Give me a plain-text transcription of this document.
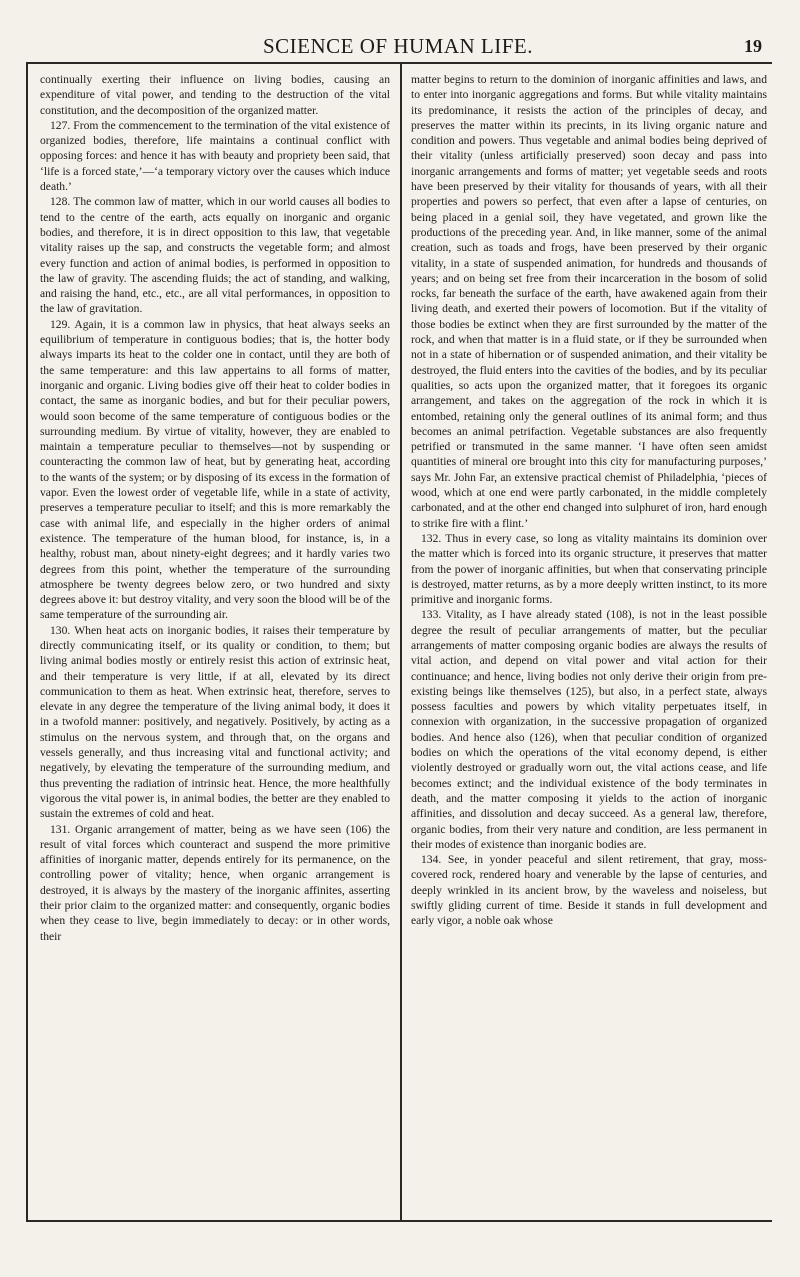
SCIENCE OF HUMAN LIFE.	19

continually exerting their influence on living bodies, causing an expenditure of vital power, and tending to the destruction of the vital constitution, and the decomposition of the organized matter.

127. From the commencement to the termination of the vital existence of organized bodies, therefore, life maintains a continual conflict with opposing forces: and hence it has with beauty and propriety been said, that ‘life is a forced state,’—‘a temporary victory over the causes which induce death.’

128. The common law of matter, which in our world causes all bodies to tend to the centre of the earth, acts equally on inorganic and organic bodies, and therefore, it is in direct opposition to this law, that vegetable vitality raises up the sap, and constructs the vegetable form; and almost every function and action of animal bodies, is performed in opposition to the law of gravity. The ascending fluids; the act of standing, and walking, and raising the hand, etc., etc., are all vital performances, in opposition to the law of gravitation.

129. Again, it is a common law in physics, that heat always seeks an equilibrium of temperature in contiguous bodies; that is, the hotter body always imparts its heat to the colder one in contact, until they are both of the same temperature: and this law appertains to all forms of matter, inorganic and organic. Living bodies give off their heat to colder bodies in contact, the same as inorganic bodies, and but for their peculiar powers, would soon become of the same temperature of contiguous bodies or the surrounding medium. By virtue of vitality, however, they are enabled to maintain a temperature peculiar to themselves—not by suspending or counteracting the common law of heat, but by generating heat, according to the wants of the system; or by disposing of its excess in the formation of vapor. Even the lowest order of vegetable life, while in a state of activity, preserves a temperature peculiar to itself; and this is more remarkably the case with animal life, and especially in the higher orders of animal existence. The temperature of the human blood, for instance, is, in a healthy, robust man, about ninety-eight degrees; and it hardly varies two degrees from this point, whether the temperature of the surrounding atmosphere be twenty degrees below zero, or two hundred and sixty degrees above it: but destroy vitality, and very soon the blood will be of the same temperature of the surrounding air.

130. When heat acts on inorganic bodies, it raises their temperature by directly communicating itself, or its quality or condition, to them; but living animal bodies mostly or entirely resist this action of extrinsic heat, and their temperature is very little, if at all, elevated by its direct communication to them as heat. When extrinsic heat, therefore, serves to elevate in any degree the temperature of the living animal body, it does it in a twofold manner: positively, and negatively. Positively, by acting as a stimulus on the nervous system, and through that, on the organs and vessels generally, and thus increasing vital and functional activity; and negatively, by elevating the temperature of the surrounding medium, and thus preventing the radiation of intrinsic heat. Hence, the more healthfully vigorous the vital power is, in animal bodies, the better are they enabled to sustain the extremes of cold and heat.

131. Organic arrangement of matter, being as we have seen (106) the result of vital forces which counteract and suspend the more primitive affinities of inorganic matter, depends entirely for its permanence, on the controlling power of vitality; hence, when organic arrangement is destroyed, it is always by the mastery of the inorganic affinites, asserting their prior claim to the organized matter: and consequently, organic bodies when they cease to live, begin immediately to decay: or in other words, their

matter begins to return to the dominion of inorganic affinities and laws, and to enter into inorganic aggregations and forms. But while vitality maintains its predominance, it resists the action of the principles of decay, and preserves the matter within its precints, in its living organic nature and condition and powers. Thus vegetable and animal bodies being deprived of their vitality (unless artificially preserved) soon decay and pass into inorganic arrangements and forms of matter; yet vegetable seeds and roots have been preserved by their vitality for thousands of years, with all their properties and powers so perfect, that even after a lapse of centuries, on being placed in a genial soil, they have vegetated, and grown like the productions of the preceding year. And, in like manner, some of the animal creation, such as toads and frogs, have been preserved by their organic vitality, in a state of suspended animation, for hundreds and thousands of years; and on being set free from their incarceration in the bosom of solid rocks, far beneath the surface of the earth, have awakened again from their living death, and exerted their powers of locomotion. But if the vitality of those bodies be extinct when they are first surrounded by the matter of the rock, and when that matter is in a fluid state, or if they be surrounded when not in a state of hibernation or of suspended animation, and their vitality be destroyed, the fluid enters into the cavities of the bodies, and by its peculiar qualities, so acts upon the organized matter, that it foregoes its organic arrangement, and takes on the aggregation of the rock in which it is entombed, retaining only the general outlines of its animal form; and thus becomes an animal petrifaction. Vegetable substances are also frequently petrified or transmuted in the same manner. ‘I have often seen amidst quantities of mineral ore brought into this city for manufacturing purposes,’ says Mr. John Far, an extensive practical chemist of Philadelphia, ‘pieces of wood, which at one end were partly carbonated, in the middle completely carbonated, and at the other end changed into sulphuret of iron, hard enough to strike fire with a flint.’

132. Thus in every case, so long as vitality maintains its dominion over the matter which is forced into its organic structure, it preserves that matter from the power of inorganic affinities, but when that conservating principle is destroyed, matter returns, as by a more deeply written instinct, to its more primitive and inorganic forms.

133. Vitality, as I have already stated (108), is not in the least possible degree the result of peculiar arrangements of matter, but the peculiar arrangements of matter composing organic bodies are always the results of vital action, and depend on vital power and vital action for their continuance; and hence, living bodies not only derive their origin from pre-existing beings like themselves (125), but also, in a perfect state, always possess faculties and powers by which vitality perpetuates itself, in connexion with organization, in the successive propagation of organized bodies. And hence also (126), when that peculiar condition of organized bodies on which the operations of the vital economy depend, is either violently destroyed or gradually worn out, the vital actions cease, and life becomes extinct; and the individual existence of the body terminates in death, and the matter composing it yields to the action of inorganic affinities, and dissolution and decay succeed. As a general law, therefore, organic bodies, from their very nature and condition, are less permanent in their modes of existence than inorganic bodies are.

134. See, in yonder peaceful and silent retirement, that gray, moss-covered rock, rendered hoary and venerable by the lapse of centuries, and deeply wrinkled in its ancient brow, by the waveless and noiseless, but swiftly gliding current of time. Beside it stands in full development and early vigor, a noble oak whose
